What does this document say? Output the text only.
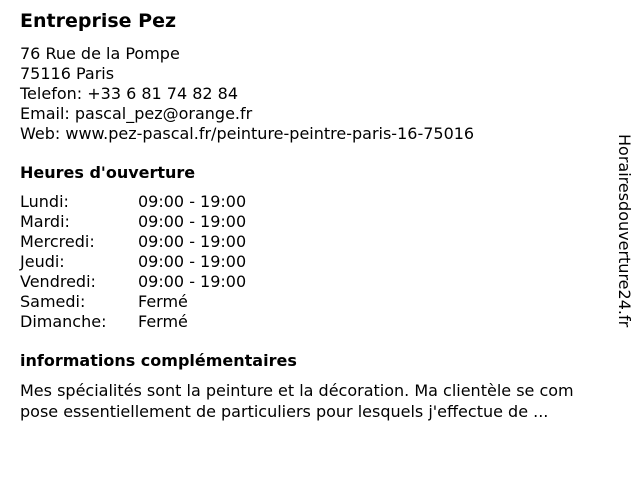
Entreprise Pez
76 Rue de la Pompe
75116 Paris
Telefon: +33 6 81 74 82 84
Email: pascal_pez@orange.fr
Web: www.pez-pascal.fr/peinture-peintre-paris-16-75016
Heures d'ouverture
Lundi:	09:00 - 19:00
Mardi:	09:00 - 19:00
Mercredi:	09:00 - 19:00
Jeudi:	09:00 - 19:00
Vendredi:	09:00 - 19:00
Samedi:	Fermé
Dimanche:	Fermé
informations complémentaires
Mes spécialités sont la peinture et la décoration. Ma clientèle se com
pose essentiellement de particuliers pour lesquels j'effectue de ...
Horairesdouverture24.fr
